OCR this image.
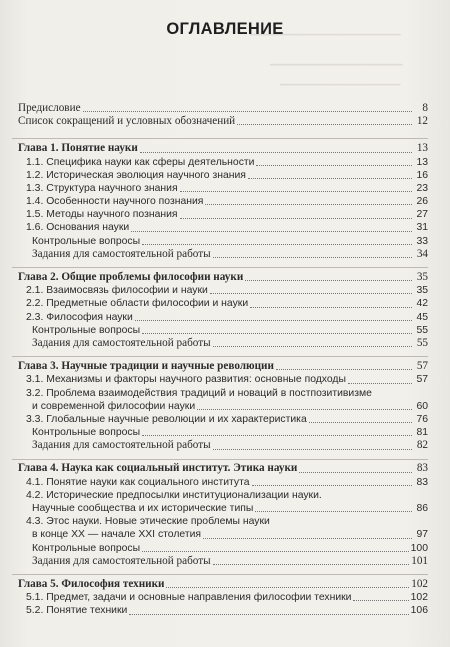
━━━━━━━━━━━━━━━━━━━━━━━━━
━━━━━━━━━━━━━━━━━━━━━━
━━━━━━━━━━━━━━━━━━━━
ОГЛАВЛЕНИЕ
Предисловие	8
Список сокращений и условных обозначений	12
Глава 1. Понятие науки	13
1.1. Специфика науки как сферы деятельности	13
1.2. Историческая эволюция научного знания	16
1.3. Структура научного знания	23
1.4. Особенности научного познания	26
1.5. Методы научного познания	27
1.6. Основания науки	31
Контрольные вопросы	33
Задания для самостоятельной работы	34
Глава 2. Общие проблемы философии науки	35
2.1. Взаимосвязь философии и науки	35
2.2. Предметные области философии и науки	42
2.3. Философия науки	45
Контрольные вопросы	55
Задания для самостоятельной работы	55
Глава 3. Научные традиции и научные революции	57
3.1. Механизмы и факторы научного развития: основные подходы	57
3.2. Проблема взаимодействия традиций и новаций в постпозитивизме
и современной философии науки	60
3.3. Глобальные научные революции и их характеристика	76
Контрольные вопросы	81
Задания для самостоятельной работы	82
Глава 4. Наука как социальный институт. Этика науки	83
4.1. Понятие науки как социального института	83
4.2. Исторические предпосылки институционализации науки.
Научные сообщества и их исторические типы	86
4.3. Этос науки. Новые этические проблемы науки
в конце XX — начале XXI столетия	97
Контрольные вопросы	100
Задания для самостоятельной работы	101
Глава 5. Философия техники	102
5.1. Предмет, задачи и основные направления философии техники	102
5.2. Понятие техники	106
